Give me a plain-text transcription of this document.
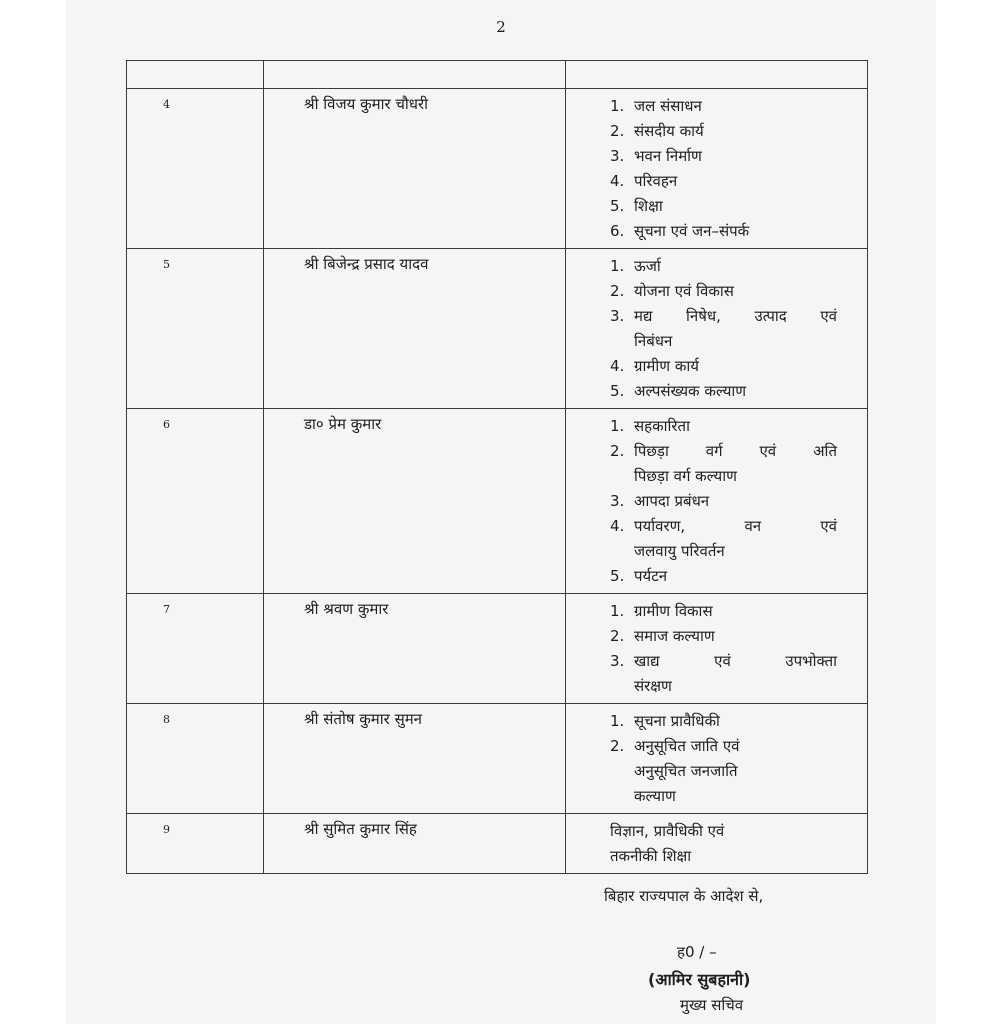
2
4	श्री विजय कुमार चौधरी	1. जल संसाधन
2. संसदीय कार्य
3. भवन निर्माण
4. परिवहन
5. शिक्षा
6. सूचना एवं जन–संपर्क
5	श्री बिजेन्द्र प्रसाद यादव	1. ऊर्जा
2. योजना एवं विकास
3. मद्य निषेध, उत्पाद एवं
निबंधन
4. ग्रामीण कार्य
5. अल्पसंख्यक कल्याण
6	डा० प्रेम कुमार	1. सहकारिता
2. पिछड़ा वर्ग एवं अति
पिछड़ा वर्ग कल्याण
3. आपदा प्रबंधन
4. पर्यावरण, वन एवं
जलवायु परिवर्तन
5. पर्यटन
7	श्री श्रवण कुमार	1. ग्रामीण विकास
2. समाज कल्याण
3. खाद्य एवं उपभोक्ता
संरक्षण
8	श्री संतोष कुमार सुमन	1. सूचना प्रावैधिकी
2. अनुसूचित जाति एवं
अनुसूचित जनजाति
कल्याण
9	श्री सुमित कुमार सिंह	विज्ञान, प्रावैधिकी एवं
तकनीकी शिक्षा
बिहार राज्यपाल के आदेश से,
ह0 / –
(आमिर सुबहानी)
मुख्य सचिव
